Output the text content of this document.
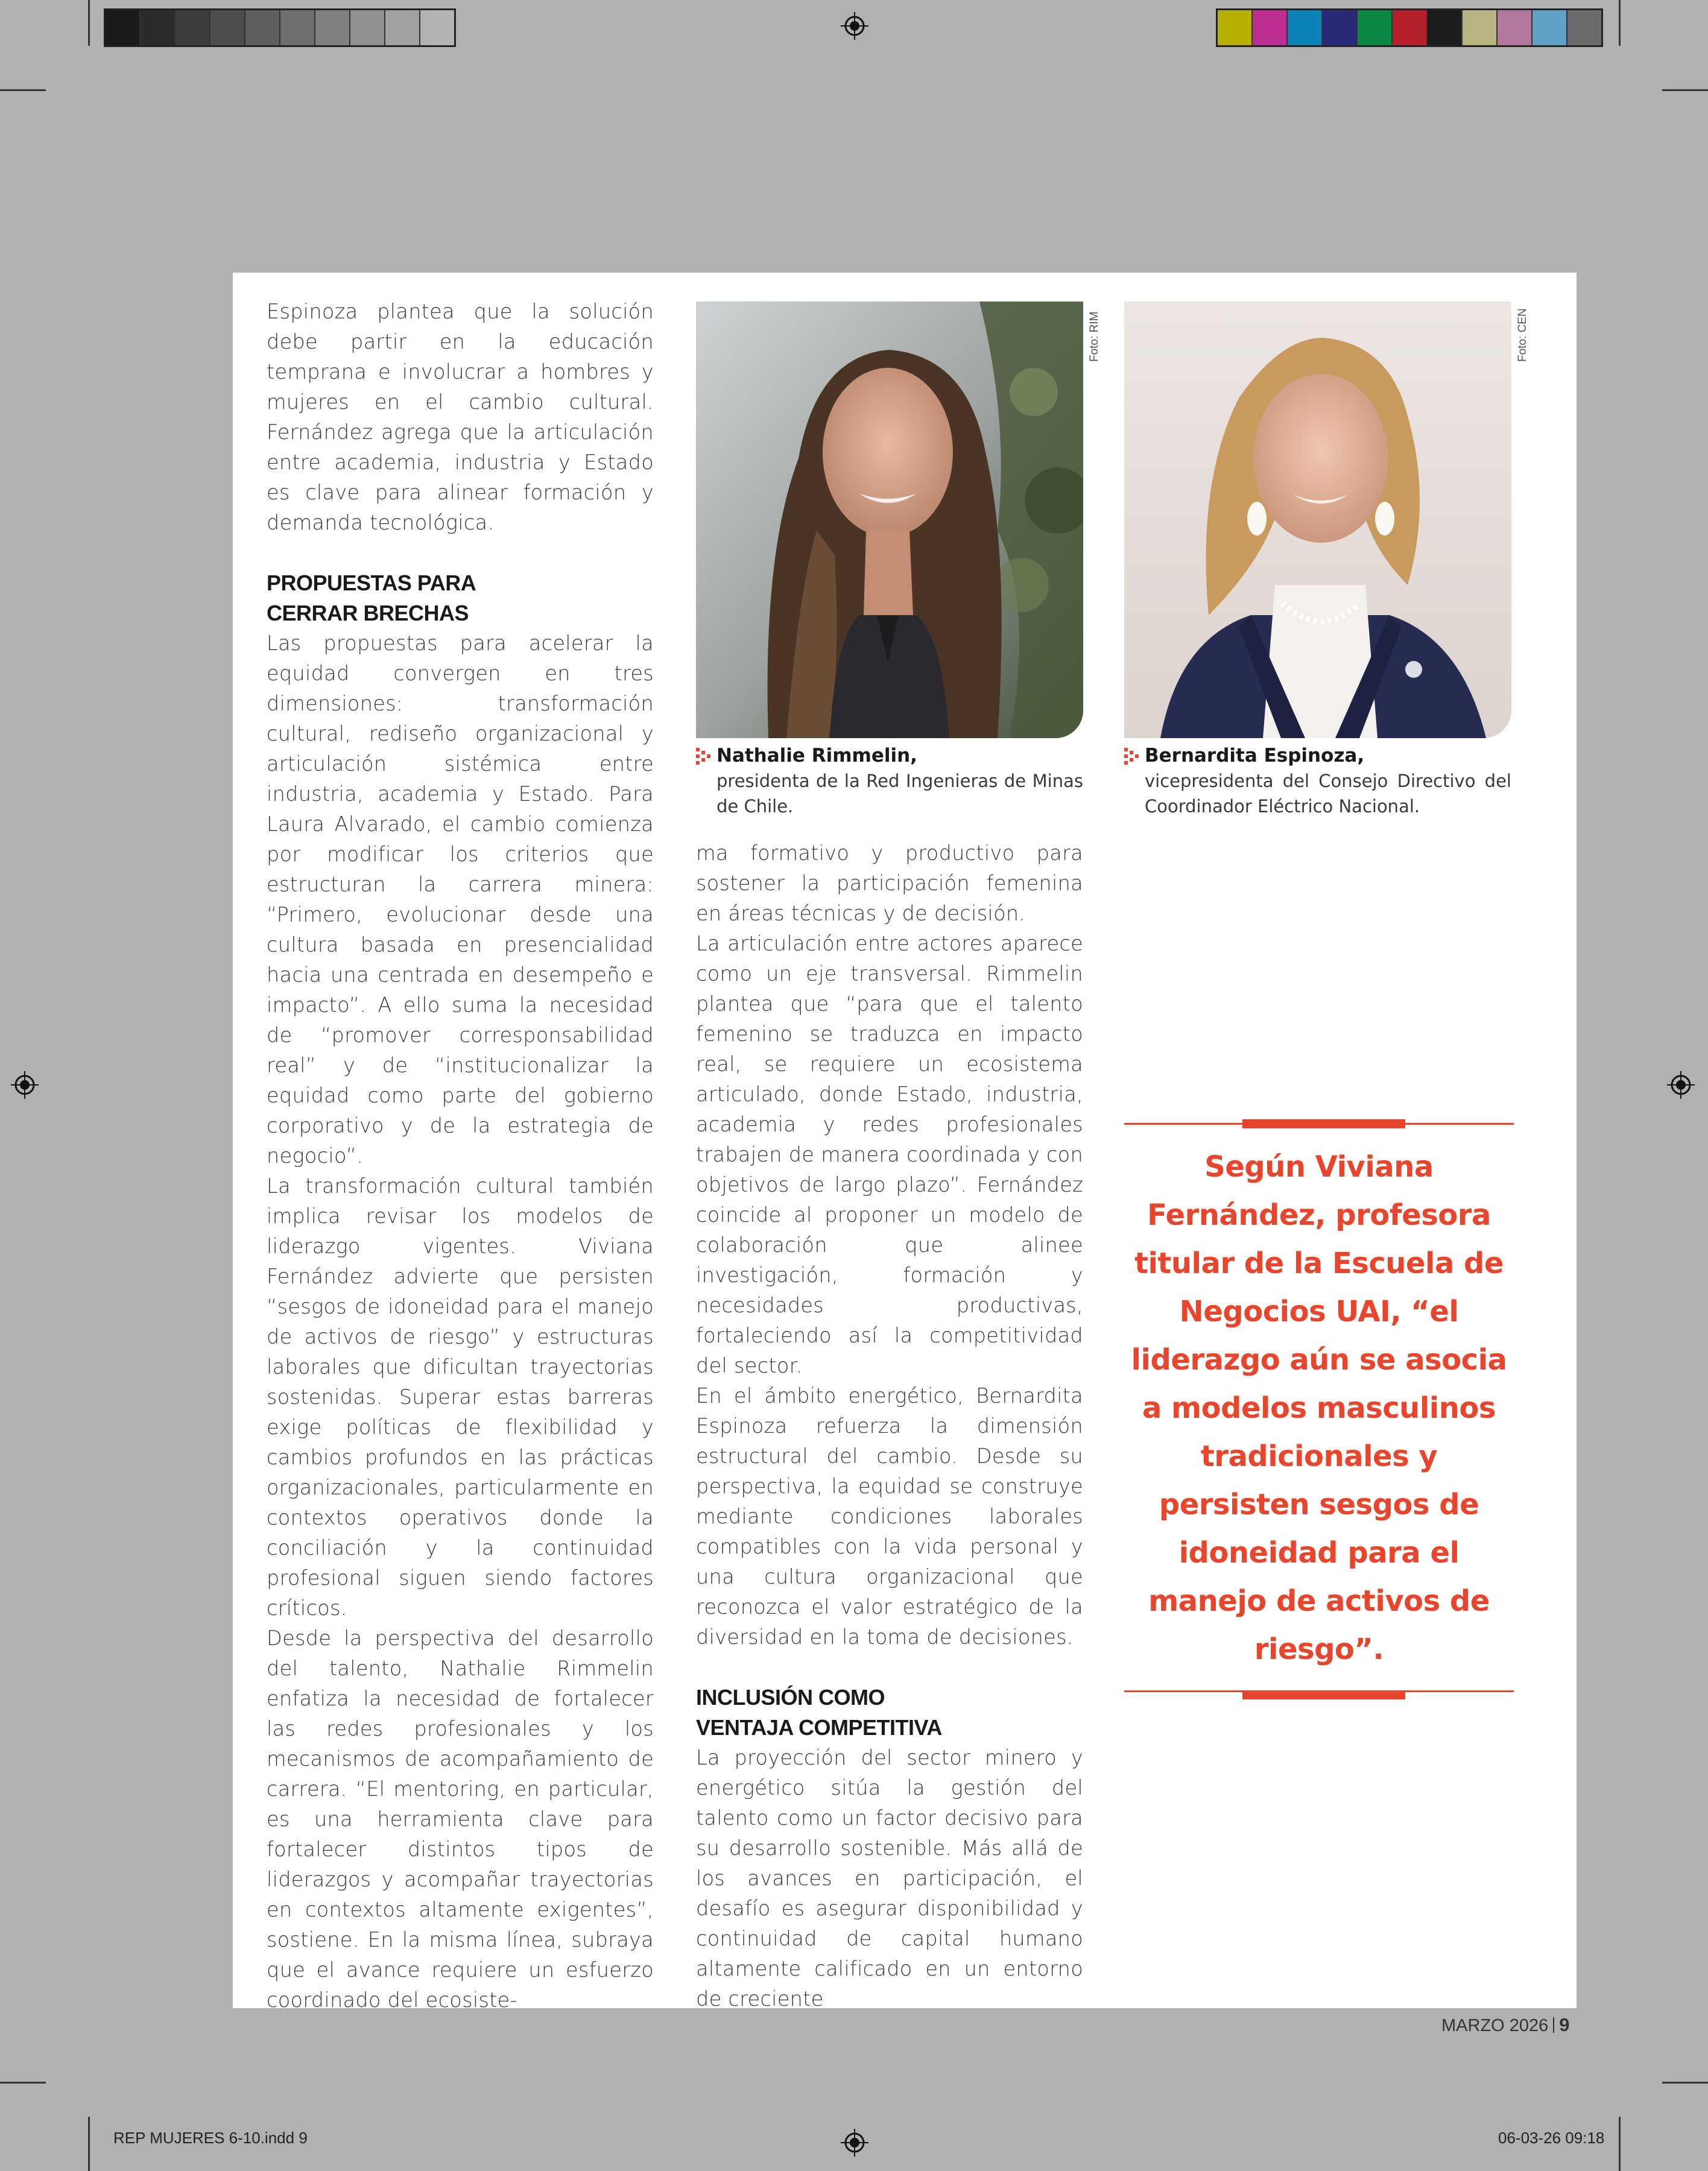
REP MUJERES 6-10.indd 9	06-03-26 09:18

Espinoza plantea que la solución debe partir en la educación temprana e involucrar a hombres y mujeres en el cambio cultural. Fernández agrega que la articulación entre academia, industria y Estado es clave para alinear formación y demanda tecnológica.

PROPUESTAS PARA CERRAR BRECHAS

Las propuestas para acelerar la equidad convergen en tres dimensiones: transformación cultural, rediseño organizacional y articulación sistémica entre industria, academia y Estado. Para Laura Alvarado, el cambio comienza por modificar los criterios que estructuran la carrera minera: “Primero, evolucionar desde una cultura basada en presencialidad hacia una centrada en desempeño e impacto”. A ello suma la necesidad de “promover corresponsabilidad real” y de “institucionalizar la equidad como parte del gobierno corporativo y de la estrategia de negocio”.

La transformación cultural también implica revisar los modelos de liderazgo vigentes. Viviana Fernández advierte que persisten “sesgos de idoneidad para el manejo de activos de riesgo” y estructuras laborales que dificultan trayectorias sostenidas. Superar estas barreras exige políticas de flexibilidad y cambios profundos en las prácticas organizacionales, particularmente en contextos operativos donde la conciliación y la continuidad profesional siguen siendo factores críticos.

Desde la perspectiva del desarrollo del talento, Nathalie Rimmelin enfatiza la necesidad de fortalecer las redes profesionales y los mecanismos de acompañamiento de carrera. “El mentoring, en particular, es una herramienta clave para fortalecer distintos tipos de liderazgos y acompañar trayectorias en contextos altamente exigentes”, sostiene. En la misma línea, subraya que el avance requiere un esfuerzo coordinado del ecosiste-

Foto: RIM	Foto: CEN
Nathalie Rimmelin,
presidenta de la Red Ingenieras de Minas de Chile.
Bernardita Espinoza,
vicepresidenta del Consejo Directivo del Coordinador Eléctrico Nacional.

ma formativo y productivo para sostener la participación femenina en áreas técnicas y de decisión.

La articulación entre actores aparece como un eje transversal. Rimmelin plantea que “para que el talento femenino se traduzca en impacto real, se requiere un ecosistema articulado, donde Estado, industria, academia y redes profesionales trabajen de manera coordinada y con objetivos de largo plazo”. Fernández coincide al proponer un modelo de colaboración que alinee investigación, formación y necesidades productivas, fortaleciendo así la competitividad del sector.

En el ámbito energético, Bernardita Espinoza refuerza la dimensión estructural del cambio. Desde su perspectiva, la equidad se construye mediante condiciones laborales compatibles con la vida personal y una cultura organizacional que reconozca el valor estratégico de la diversidad en la toma de decisiones.

INCLUSIÓN COMO VENTAJA COMPETITIVA

La proyección del sector minero y energético sitúa la gestión del talento como un factor decisivo para su desarrollo sostenible. Más allá de los avances en participación, el desafío es asegurar disponibilidad y continuidad de capital humano altamente calificado en un entorno de creciente

Según Viviana Fernández, profesora titular de la Escuela de Negocios UAI, “el liderazgo aún se asocia a modelos masculinos tradicionales y persisten sesgos de idoneidad para el manejo de activos de riesgo”.
MARZO 2026 9
